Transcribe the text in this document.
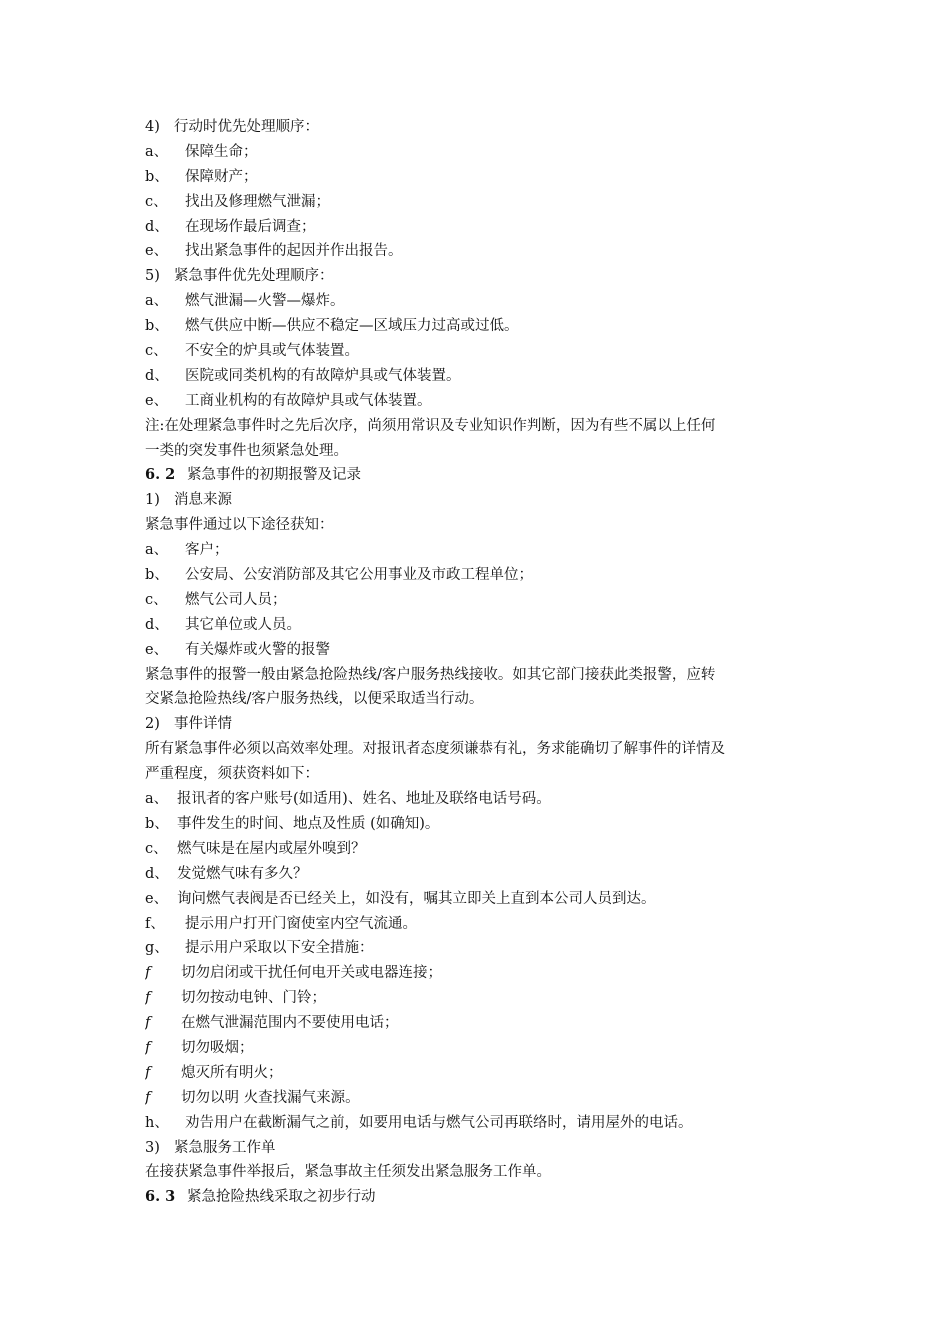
4) 行动时优先处理顺序：
a、 保障生命；
b、 保障财产；
c、 找出及修理燃气泄漏；
d、 在现场作最后调查；
e、 找出紧急事件的起因并作出报告。
5) 紧急事件优先处理顺序：
a、 燃气泄漏—火警—爆炸。
b、 燃气供应中断—供应不稳定—区域压力过高或过低。
c、 不安全的炉具或气体装置。
d、 医院或同类机构的有故障炉具或气体装置。
e、 工商业机构的有故障炉具或气体装置。
注:在处理紧急事件时之先后次序，尚须用常识及专业知识作判断，因为有些不属以上任何
一类的突发事件也须紧急处理。
6. 2 紧急事件的初期报警及记录
1) 消息来源
紧急事件通过以下途径获知：
a、 客户；
b、 公安局、公安消防部及其它公用事业及市政工程单位；
c、 燃气公司人员；
d、 其它单位或人员。
e、 有关爆炸或火警的报警
紧急事件的报警一般由紧急抢险热线/客户服务热线接收。如其它部门接获此类报警，应转
交紧急抢险热线/客户服务热线，以便采取适当行动。
2) 事件详情
所有紧急事件必须以高效率处理。对报讯者态度须谦恭有礼，务求能确切了解事件的详情及
严重程度，须获资料如下：
a、 报讯者的客户账号(如适用)、姓名、地址及联络电话号码。
b、 事件发生的时间、地点及性质 (如确知)。
c、 燃气味是在屋内或屋外嗅到？
d、 发觉燃气味有多久？
e、 询问燃气表阀是否已经关上，如没有，嘱其立即关上直到本公司人员到达。
f、 提示用户打开门窗使室内空气流通。
g、 提示用户采取以下安全措施：
ƒ 切勿启闭或干扰任何电开关或电器连接；
ƒ 切勿按动电钟、门铃；
ƒ 在燃气泄漏范围内不要使用电话；
ƒ 切勿吸烟；
ƒ 熄灭所有明火；
ƒ 切勿以明 火查找漏气来源。
h、 劝告用户在截断漏气之前，如要用电话与燃气公司再联络时，请用屋外的电话。
3) 紧急服务工作单
在接获紧急事件举报后，紧急事故主任须发出紧急服务工作单。
6. 3 紧急抢险热线采取之初步行动
